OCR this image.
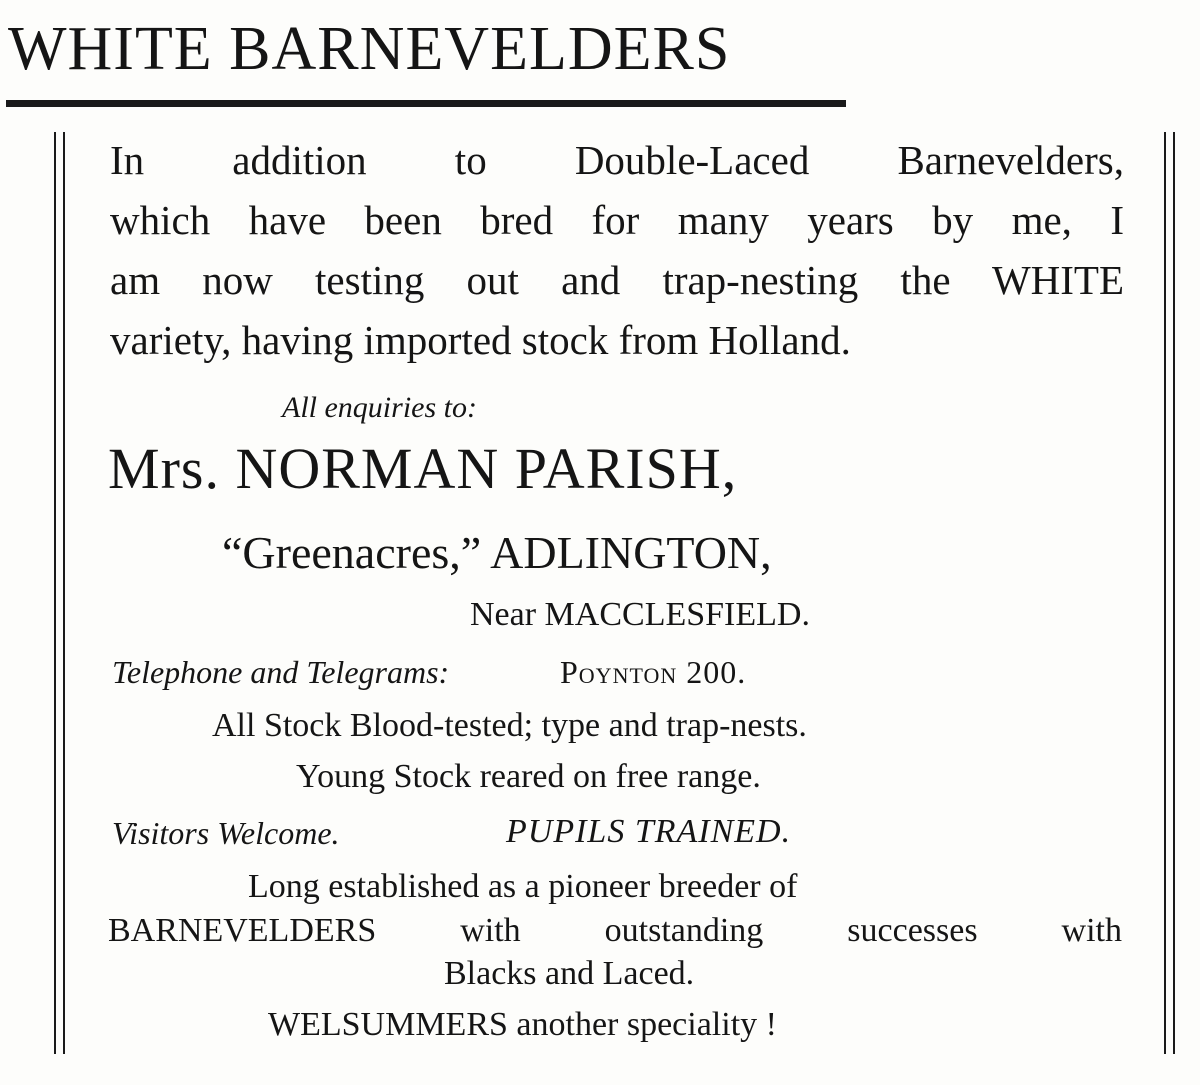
WHITE BARNEVELDERS
In addition to Double-Laced Barnevelders,
which have been bred for many years by me, I
am now testing out and trap-nesting the WHITE
variety, having imported stock from Holland.
All enquiries to:
Mrs. NORMAN PARISH,
“Greenacres,” ADLINGTON,
Near MACCLESFIELD.
Telephone and Telegrams:	Poynton 200.
All Stock Blood-tested; type and trap-nests.
Young Stock reared on free range.
Visitors Welcome.	PUPILS TRAINED.
Long established as a pioneer breeder of
BARNEVELDERS with outstanding successes with
Blacks and Laced.
WELSUMMERS another speciality !
